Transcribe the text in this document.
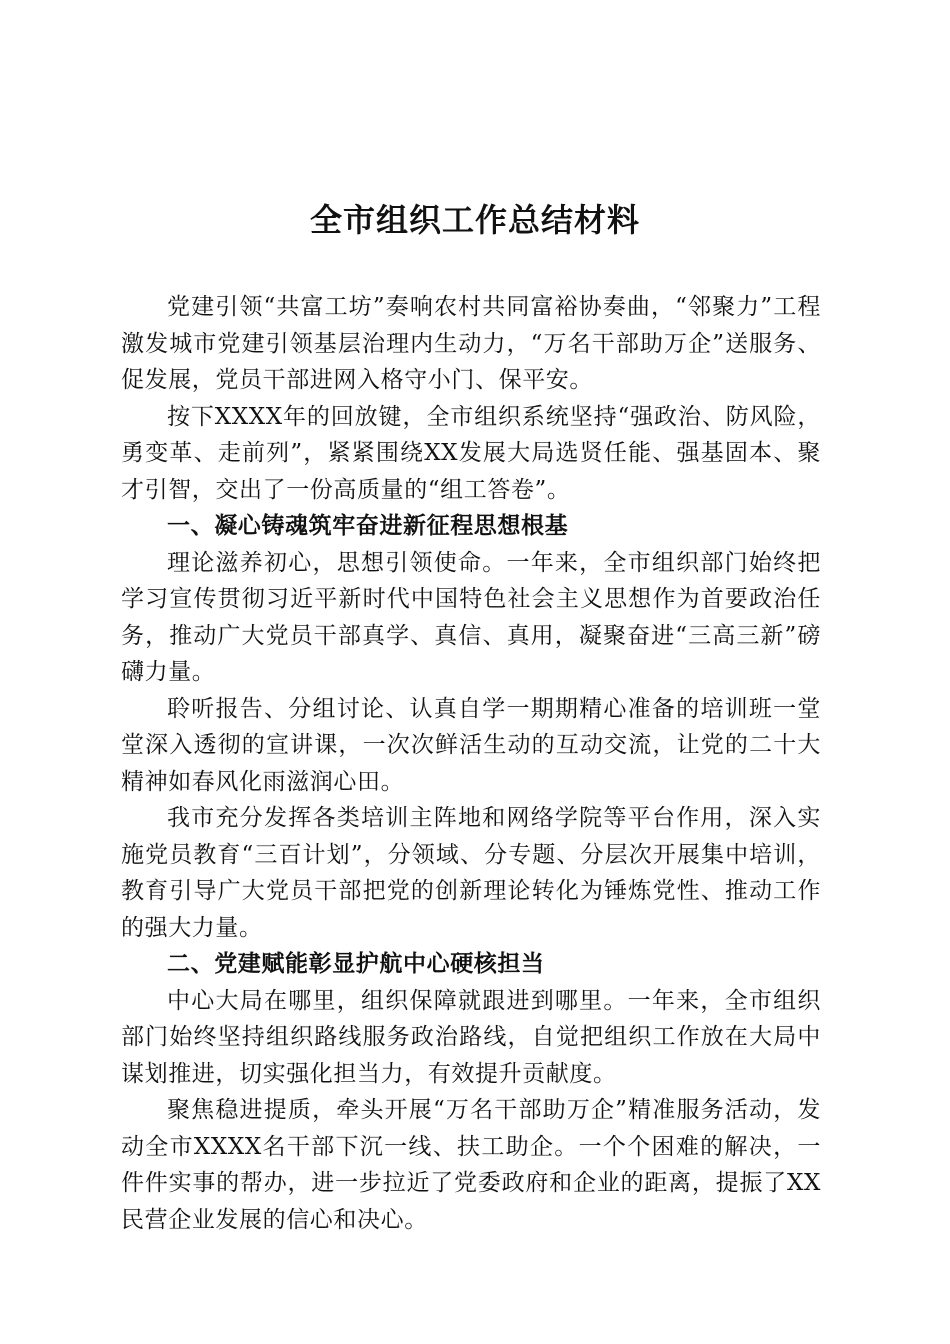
全市组织工作总结材料

党建引领“共富工坊”奏响农村共同富裕协奏曲，“邻聚力”工程激发城市党建引领基层治理内生动力，“万名干部助万企”送服务、促发展，党员干部进网入格守小门、保平安。

按下XXXX年的回放键，全市组织系统坚持“强政治、防风险，勇变革、走前列”，紧紧围绕XX发展大局选贤任能、强基固本、聚才引智，交出了一份高质量的“组工答卷”。

一、凝心铸魂筑牢奋进新征程思想根基

理论滋养初心，思想引领使命。一年来，全市组织部门始终把学习宣传贯彻习近平新时代中国特色社会主义思想作为首要政治任务，推动广大党员干部真学、真信、真用，凝聚奋进“三高三新”磅礴力量。

聆听报告、分组讨论、认真自学一期期精心准备的培训班一堂堂深入透彻的宣讲课，一次次鲜活生动的互动交流，让党的二十大精神如春风化雨滋润心田。

我市充分发挥各类培训主阵地和网络学院等平台作用，深入实施党员教育“三百计划”，分领域、分专题、分层次开展集中培训，教育引导广大党员干部把党的创新理论转化为锤炼党性、推动工作的强大力量。

二、党建赋能彰显护航中心硬核担当

中心大局在哪里，组织保障就跟进到哪里。一年来，全市组织部门始终坚持组织路线服务政治路线，自觉把组织工作放在大局中谋划推进，切实强化担当力，有效提升贡献度。

聚焦稳进提质，牵头开展“万名干部助万企”精准服务活动，发动全市XXXX名干部下沉一线、扶工助企。一个个困难的解决，一件件实事的帮办，进一步拉近了党委政府和企业的距离，提振了XX民营企业发展的信心和决心。
